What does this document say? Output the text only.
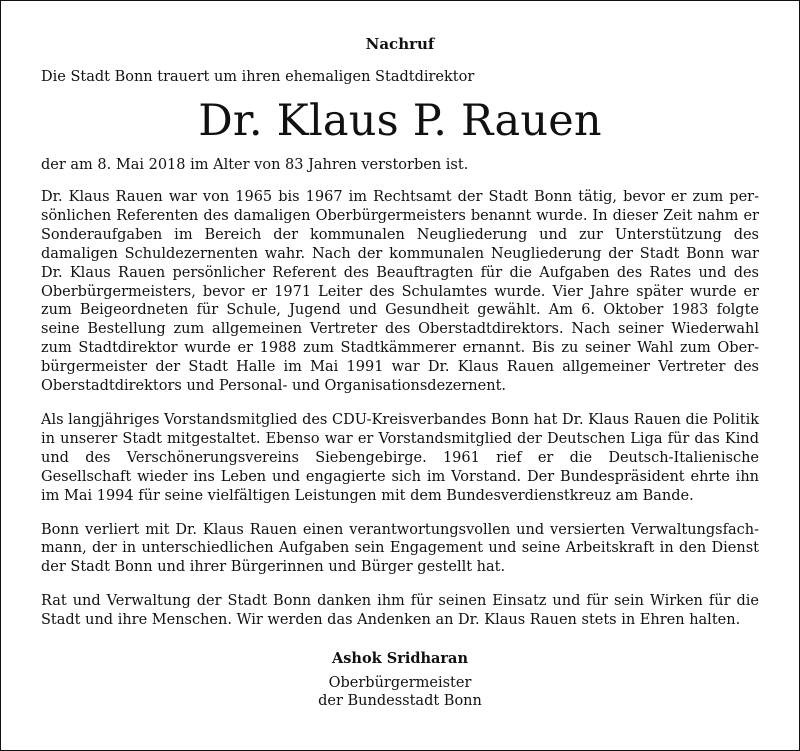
Nachruf
Die Stadt Bonn trauert um ihren ehemaligen Stadtdirektor
Dr. Klaus P. Rauen
der am 8. Mai 2018 im Alter von 83 Jahren verstorben ist.

Dr. Klaus Rauen war von 1965 bis 1967 im Rechtsamt der Stadt Bonn tätig, bevor er zum persönlichen Referenten des damaligen Oberbürgermeisters benannt wurde. In dieser Zeit nahm er Sonderaufgaben im Bereich der kommunalen Neugliederung und zur Unterstützung des damaligen Schuldezernenten wahr. Nach der kommunalen Neugliederung der Stadt Bonn war Dr. Klaus Rauen persönlicher Referent des Beauftragten für die Aufgaben des Rates und des Oberbürgermeisters, bevor er 1971 Leiter des Schulamtes wurde. Vier Jahre später wurde er zum Beigeordneten für Schule, Jugend und Gesundheit gewählt. Am 6. Oktober 1983 folgte seine Bestellung zum allgemeinen Vertreter des Oberstadtdirektors. Nach seiner Wiederwahl zum Stadtdirektor wurde er 1988 zum Stadtkämmerer ernannt. Bis zu seiner Wahl zum Oberbürgermeister der Stadt Halle im Mai 1991 war Dr. Klaus Rauen allgemeiner Vertreter des Oberstadtdirektors und Personal- und Organisationsdezernent.

Als langjähriges Vorstandsmitglied des CDU-Kreisverbandes Bonn hat Dr. Klaus Rauen die Politik in unserer Stadt mitgestaltet. Ebenso war er Vorstandsmitglied der Deutschen Liga für das Kind und des Verschönerungsvereins Siebengebirge. 1961 rief er die Deutsch-Italienische Gesellschaft wieder ins Leben und engagierte sich im Vorstand. Der Bundespräsident ehrte ihn im Mai 1994 für seine vielfältigen Leistungen mit dem Bundesverdienstkreuz am Bande.

Bonn verliert mit Dr. Klaus Rauen einen verantwortungsvollen und versierten Verwaltungsfachmann, der in unterschiedlichen Aufgaben sein Engagement und seine Arbeitskraft in den Dienst der Stadt Bonn und ihrer Bürgerinnen und Bürger gestellt hat.

Rat und Verwaltung der Stadt Bonn danken ihm für seinen Einsatz und für sein Wirken für die Stadt und ihre Menschen. Wir werden das Andenken an Dr. Klaus Rauen stets in Ehren halten.

Ashok Sridharan
Oberbürgermeister
der Bundesstadt Bonn
